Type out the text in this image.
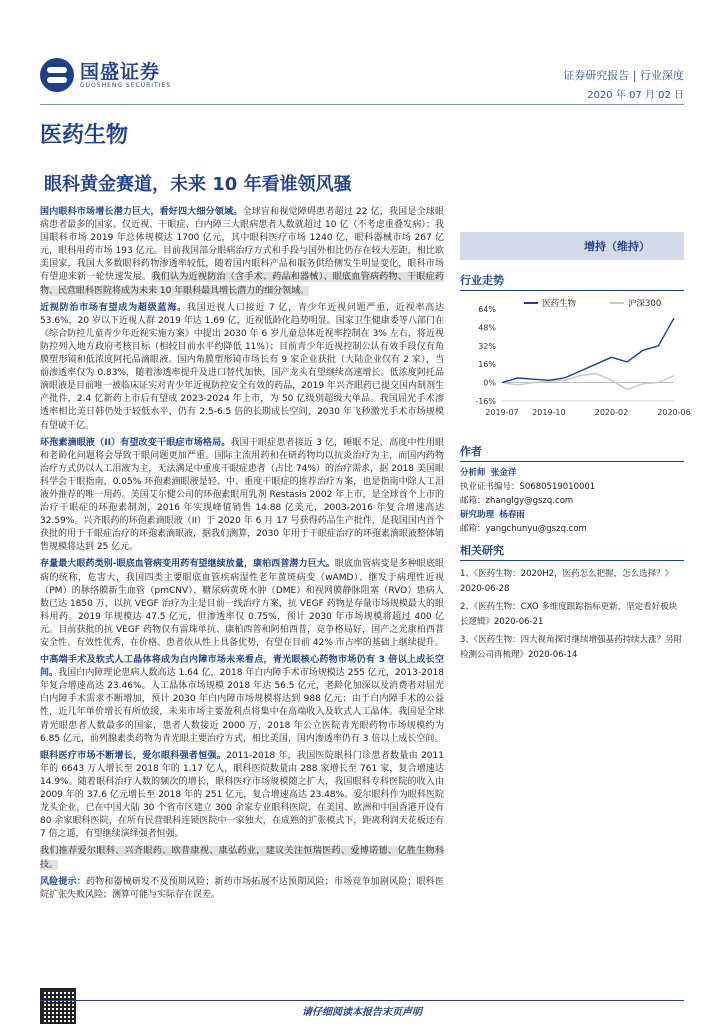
国盛证券
GUOSHENG SECURITIES
证券研究报告 | 行业深度
2020 年 07 月 02 日
医药生物
眼科黄金赛道，未来 10 年看谁领风骚
国内眼科市场增长潜力巨大，看好四大细分领域。全球盲和视觉障碍患者超过 22 亿，我国是全球眼病患者最多的国家。仅近视、干眼症、白内障三大眼病患者人数就超过 10 亿（不考虑重叠发病）；我国眼科市场 2019 年总体规模达 1700 亿元，其中眼科医疗市场 1240 亿，眼科器械市场 267 亿元，眼科用药市场 193 亿元。目前我国部分眼病治疗方式和手段与国外相比仍存在较大差距，相比欧美国家，我国大多数眼科药物渗透率较低，随着国内眼科产品和服务供给侧发生明显变化，眼科市场有望迎来新一轮快速发展。我们认为近视防治（含手术、药品和器械）、眼底血管病药物、干眼症药物、民营眼科医院将成为未来 10 年眼科最具增长潜力的细分领域。
近视防治市场有望成为超级蓝海。我国近视人口接近 7 亿，青少年近视问题严重，近视率高达 53.6%，20 岁以下近视人群 2019 年达 1.69 亿，近视低龄化趋势明显。国家卫生健康委等八部门在《综合防控儿童青少年近视实施方案》中提出 2030 年 6 岁儿童总体近视率控制在 3% 左右，将近视防控列入地方政府考核目标（相较目前水平约降低 11%）；目前青少年近视控制公认有效手段仅有角膜塑形镜和低浓度阿托品滴眼液。国内角膜塑形镜市场长有 9 家企业获批（大陆企业仅有 2 家），当前渗透率仅为 0.83%，随着渗透率提升及进口替代加快，国产龙头有望继续高速增长。低浓度阿托品滴眼液是目前唯一被临床证实对青少年近视防控安全有效的药品，2019 年兴齐眼药已提交国内制剂生产批件，2.4 亿新药上市后有望成 2023-2024 年上市，为 50 亿级别超级大单品。我国屈光手术渗透率相比美日韩仍处于较低水平，仍有 2.5-6.5 倍的长期成长空间，2030 年飞秒激光手术市场规模有望破千亿。
环孢素滴眼液（II）有望改变干眼症市场格局。我国干眼症患者接近 3 亿，睡眠不足、高度中性用眼和老龄化问题将会导致干眼问题更加严重。国际主流用药和在研药物均以抗炎治疗为主，而国内药物治疗方式仍以人工泪液为主，无法满足中重度干眼症患者（占比 74%）的治疗需求，据 2018 美国眼科学会干眼指南，0.05% 环孢素滴眼液是轻、中、重度干眼症的推荐治疗方案，也是指南中除人工泪液外推荐的唯一用药。美国艾尔健公司的环孢素眼用乳剂 Restasis 2002 年上市，是全球首个上市的治疗干眼症的环孢素制剂，2016 年实现峰值销售 14.88 亿美元，2003-2016 年复合增速高达 32.59%。兴齐眼药的环孢素滴眼液（II）于 2020 年 6 月 17 号获得药品生产批件，是我国国内首个获批的用于干眼症治疗的环孢素滴眼液，据我们测算，2030 年用于干眼症治疗的环孢素滴眼液整体销售规模将达到 25 亿元。
存量最大眼药类别-眼底血管病变用药有望继续放量，康柏西普潜力巨大。眼底血管病变是多种眼底眼病的统称，危害大，我国四类主要眼底血管疾病湿性老年黄斑病变（wAMD）、继发于病理性近视（PM）的脉络膜新生血管（pmCNV）、糖尿病黄斑水肿（DME）和视网膜静脉阻塞（RVO）患病人数已达 1850 万，以抗 VEGF 治疗为主是目前一线治疗方案，抗 VEGF 药物是存量市场规模最大的眼科用药。2019 年规模达 47.5 亿元，但渗透率仅 0.75%，预计 2030 年市场规模将超过 400 亿元。目前获批的抗 VEGF 药物仅有雷珠单抗、康柏西普和阿柏西普，竞争格局好，国产之光康柏西普安全性、有效性优秀，在价格、患者依从性上具备优势，有望在目前 42% 市占率的基础上继续提升。
中高端手术及软式人工晶体将成为白内障市场未来看点，青光眼核心药物市场仍有 3 倍以上成长空间。我国白内障理论患病人数高达 1.64 亿，2018 年白内障手术市场规模达 255 亿元，2013-2018 年复合增速高达 23.46%。人工晶体市场规模 2018 年达 56.5 亿元，老龄化加深以及消费者对屈光白内障手术需求不断增加，预计 2030 年白内障市场规模将达到 988 亿元；由于白内障手术的公益性，近几年单价增长有所放缓，未来市场主要盈利点将集中在高端收入及软式人工晶体。我国是全球青光眼患者人数最多的国家，患者人数接近 2000 万，2018 年公立医院青光眼药物市场规模约为 6.85 亿元，前列腺素类药物为青光眼主要治疗方式，相比美国，国内渗透率仍有 3 倍以上成长空间。
眼科医疗市场不断增长，爱尔眼科强者恒强。2011-2018 年，我国医院眼科门诊患者数量由 2011 年的 6643 万人增长至 2018 年的 1.17 亿人，眼科医院数量由 288 家增长至 761 家，复合增速达 14.9%。随着眼科治疗人数的频次的增长，眼科医疗市场规模随之扩大，我国眼科专科医院的收入由 2009 年的 37.6 亿元增长至 2018 年的 251 亿元，复合增速高达 23.48%。爱尔眼科作为眼科医院龙头企业，已在中国大陆 30 个省市区建立 300 余家专业眼科医院，在美国、欧洲和中国香港开设有 80 余家眼科医院，在所有民营眼科连锁医院中一家独大，在成熟的扩张模式下，距离利润天花板还有 7 倍之遥，有望继续演绎强者恒强。
我们推荐爱尔眼科、兴齐眼药、欧普康视、康弘药业，建议关注恒瑞医药、爱博诺德、亿胜生物科技。
风险提示：药物和器械研发不及预期风险；新药市场拓展不达预期风险；市场竞争加剧风险；眼科医院扩张失败风险；测算可能与实际存在误差。
增持（维持）
行业走势
64%
48%
32%
16%
0%
-16%
2019-07 2019-10	2020-02	2020-06
医药生物	沪深300
作者
分析师 张金洋
执业证书编号：S0680519010001
邮箱：zhanglgy@gszq.com
研究助理 杨春雨
邮箱：yangchunyu@gszq.com
相关研究
1、《医药生物：2020H2，医药怎么把握，怎么选择？》2020-06-28
2、《医药生物：CXO 多维度跟踪指标更新，坚定看好板块长逻辑》2020-06-21
3、《医药生物：四大视角探讨继续增强基药持续大涨？另附检测公司再梳理》2020-06-14
请仔细阅读本报告末页声明
